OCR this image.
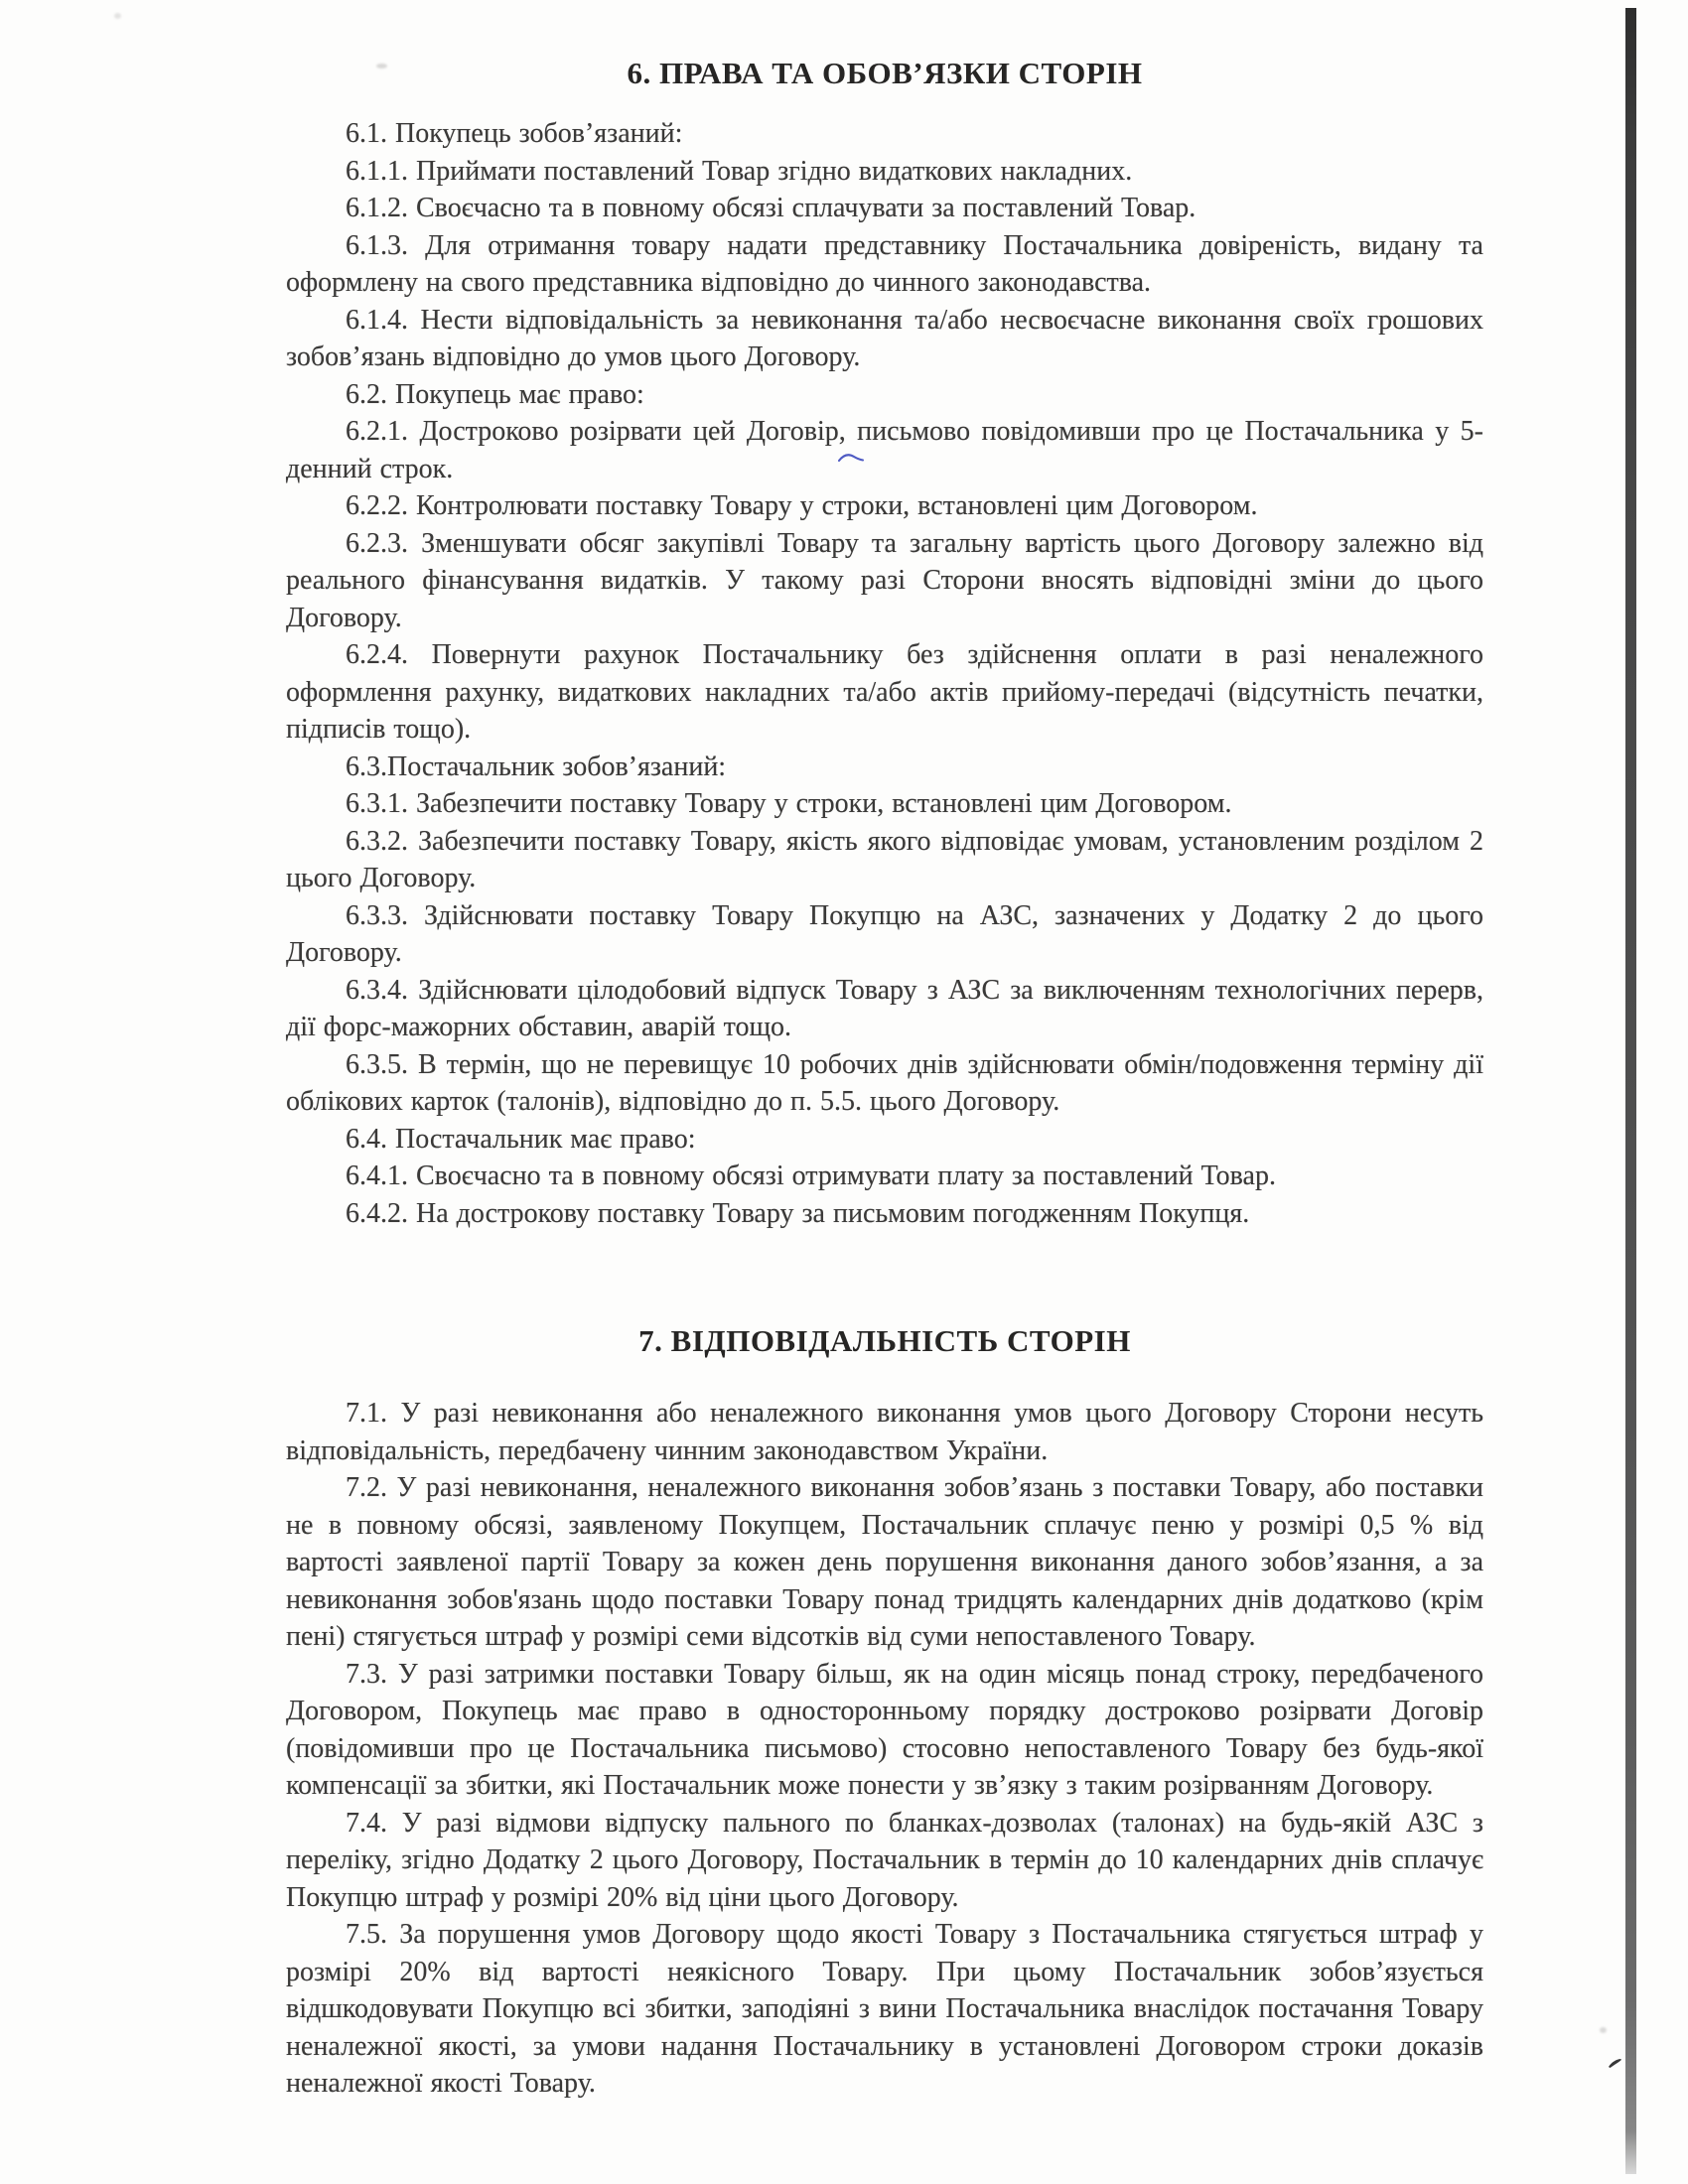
6. ПРАВА ТА ОБОВ’ЯЗКИ СТОРІН

6.1. Покупець зобов’язаний:

6.1.1. Приймати поставлений Товар згідно видаткових накладних.

6.1.2. Своєчасно та в повному обсязі сплачувати за поставлений Товар.

6.1.3. Для отримання товару надати представнику Постачальника довіреність, видану та оформлену на свого представника відповідно до чинного законодавства.

6.1.4. Нести відповідальність за невиконання та/або несвоєчасне виконання своїх грошових зобов’язань відповідно до умов цього Договору.

6.2. Покупець має право:

6.2.1. Достроково розірвати цей Договір, письмово повідомивши про це Постачальника у 5-денний строк.

6.2.2. Контролювати поставку Товару у строки, встановлені цим Договором.

6.2.3. Зменшувати обсяг закупівлі Товару та загальну вартість цього Договору залежно від реального фінансування видатків. У такому разі Сторони вносять відповідні зміни до цього Договору.

6.2.4. Повернути рахунок Постачальнику без здійснення оплати в разі неналежного оформлення рахунку, видаткових накладних та/або актів прийому-передачі (відсутність печатки, підписів тощо).

6.3.Постачальник зобов’язаний:

6.3.1. Забезпечити поставку Товару у строки, встановлені цим Договором.

6.3.2. Забезпечити поставку Товару, якість якого відповідає умовам, установленим розділом 2 цього Договору.

6.3.3. Здійснювати поставку Товару Покупцю на АЗС, зазначених у Додатку 2 до цього Договору.

6.3.4. Здійснювати цілодобовий відпуск Товару з АЗС за виключенням технологічних перерв, дії форс-мажорних обставин, аварій тощо.

6.3.5. В термін, що не перевищує 10 робочих днів здійснювати обмін/подовження терміну дії облікових карток (талонів), відповідно до п. 5.5. цього Договору.

6.4. Постачальник має право:

6.4.1. Своєчасно та в повному обсязі отримувати плату за поставлений Товар.

6.4.2. На дострокову поставку Товару за письмовим погодженням Покупця.

7. ВІДПОВІДАЛЬНІСТЬ СТОРІН

7.1. У разі невиконання або неналежного виконання умов цього Договору Сторони несуть відповідальність, передбачену чинним законодавством України.

7.2. У разі невиконання, неналежного виконання зобов’язань з поставки Товару, або поставки не в повному обсязі, заявленому Покупцем, Постачальник сплачує пеню у розмірі 0,5 % від вартості заявленої партії Товару за кожен день порушення виконання даного зобов’язання, а за невиконання зобов'язань щодо поставки Товару понад тридцять календарних днів додатково (крім пені) стягується штраф у розмірі семи відсотків від суми непоставленого Товару.

7.3. У разі затримки поставки Товару більш, як на один місяць понад строку, передбаченого Договором, Покупець має право в односторонньому порядку достроково розірвати Договір (повідомивши про це Постачальника письмово) стосовно непоставленого Товару без будь-якої компенсації за збитки, які Постачальник може понести у зв’язку з таким розірванням Договору.

7.4. У разі відмови відпуску пального по бланках-дозволах (талонах) на будь-якій АЗС з переліку, згідно Додатку 2 цього Договору, Постачальник в термін до 10 календарних днів сплачує Покупцю штраф у розмірі 20% від ціни цього Договору.

7.5. За порушення умов Договору щодо якості Товару з Постачальника стягується штраф у розмірі 20% від вартості неякісного Товару. При цьому Постачальник зобов’язується відшкодовувати Покупцю всі збитки, заподіяні з вини Постачальника внаслідок постачання Товару неналежної якості, за умови надання Постачальнику в установлені Договором строки доказів неналежної якості Товару.
